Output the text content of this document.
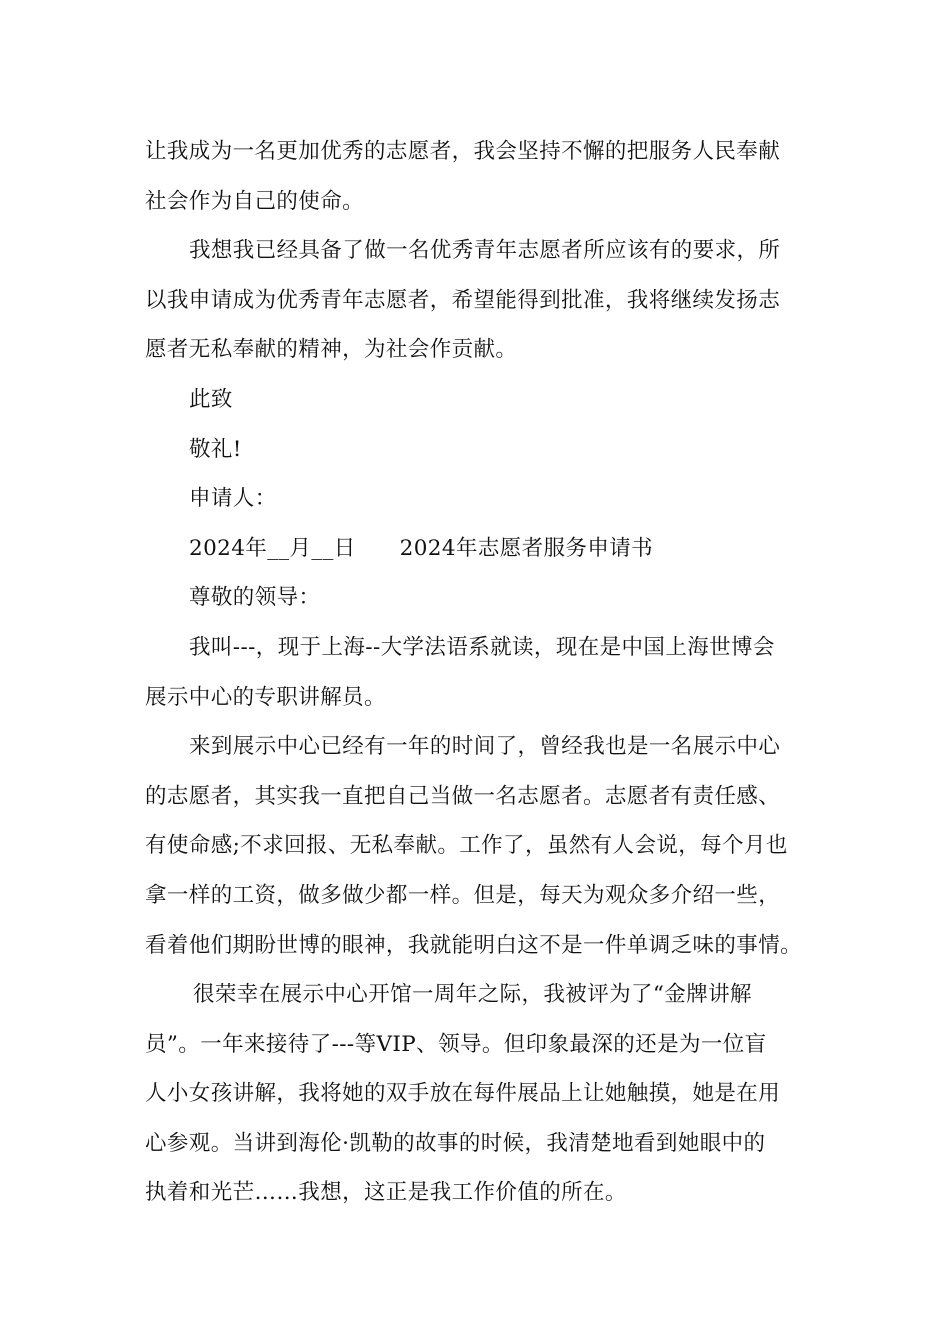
让我成为一名更加优秀的志愿者，我会坚持不懈的把服务人民奉献
社会作为自己的使命。
我想我已经具备了做一名优秀青年志愿者所应该有的要求，所
以我申请成为优秀青年志愿者，希望能得到批准，我将继续发扬志
愿者无私奉献的精神，为社会作贡献。
此致
敬礼!
申请人：
2024年__月__日 2024年志愿者服务申请书
尊敬的领导：
我叫---，现于上海--大学法语系就读，现在是中国上海世博会
展示中心的专职讲解员。
来到展示中心已经有一年的时间了，曾经我也是一名展示中心
的志愿者，其实我一直把自己当做一名志愿者。志愿者有责任感、
有使命感;不求回报、无私奉献。工作了，虽然有人会说，每个月也
拿一样的工资，做多做少都一样。但是，每天为观众多介绍一些，
看着他们期盼世博的眼神，我就能明白这不是一件单调乏味的事情。
很荣幸在展示中心开馆一周年之际，我被评为了“金牌讲解
员”。一年来接待了---等VIP、领导。但印象最深的还是为一位盲
人小女孩讲解，我将她的双手放在每件展品上让她触摸，她是在用
心参观。当讲到海伦·凯勒的故事的时候，我清楚地看到她眼中的
执着和光芒……我想，这正是我工作价值的所在。
